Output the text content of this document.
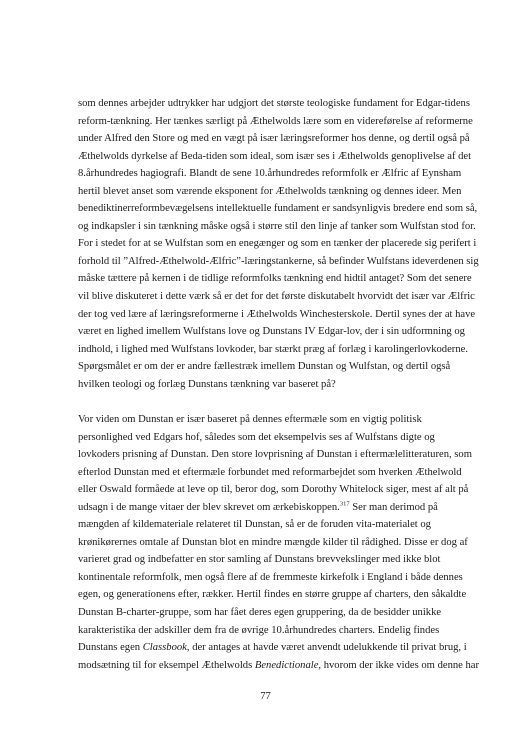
som dennes arbejder udtrykker har udgjort det største teologiske fundament for Edgar-tidens
reform-tænkning. Her tænkes særligt på Æthelwolds lære som en videreførelse af reformerne
under Alfred den Store og med en vægt på især læringsreformer hos denne, og dertil også på
Æthelwolds dyrkelse af Beda-tiden som ideal, som især ses i Æthelwolds genoplivelse af det
8.århundredes hagiografi. Blandt de sene 10.århundredes reformfolk er Ælfric af Eynsham
hertil blevet anset som værende eksponent for Æthelwolds tænkning og dennes ideer. Men
benediktinerreformbevægelsens intellektuelle fundament er sandsynligvis bredere end som så,
og indkapsler i sin tænkning måske også i større stil den linje af tanker som Wulfstan stod for.
For i stedet for at se Wulfstan som en enegænger og som en tænker der placerede sig perifert i
forhold til ”Alfred-Æthelwold-Ælfric”-læringstankerne, så befinder Wulfstans ideverdenen sig
måske tættere på kernen i de tidlige reformfolks tænkning end hidtil antaget? Som det senere
vil blive diskuteret i dette værk så er det for det første diskutabelt hvorvidt det især var Ælfric
der tog ved lære af læringsreformerne i Æthelwolds Winchesterskole. Dertil synes der at have
været en lighed imellem Wulfstans love og Dunstans IV Edgar-lov, der i sin udformning og
indhold, i lighed med Wulfstans lovkoder, bar stærkt præg af forlæg i karolingerlovkoderne.
Spørgsmålet er om der er andre fællestræk imellem Dunstan og Wulfstan, og dertil også
hvilken teologi og forlæg Dunstans tænkning var baseret på?
Vor viden om Dunstan er især baseret på dennes eftermæle som en vigtig politisk
personlighed ved Edgars hof, således som det eksempelvis ses af Wulfstans digte og
lovkoders prisning af Dunstan. Den store lovprisning af Dunstan i eftermælelitteraturen, som
efterlod Dunstan med et eftermæle forbundet med reformarbejdet som hverken Æthelwold
eller Oswald formåede at leve op til, beror dog, som Dorothy Whitelock siger, mest af alt på
udsagn i de mange vitaer der blev skrevet om ærkebiskoppen.$^{317}$ Ser man derimod på
mængden af kildemateriale relateret til Dunstan, så er de foruden vita-materialet og
krønikørernes omtale af Dunstan blot en mindre mængde kilder til rådighed. Disse er dog af
varieret grad og indbefatter en stor samling af Dunstans brevvekslinger med ikke blot
kontinentale reformfolk, men også flere af de fremmeste kirkefolk i England i både dennes
egen, og generationens efter, rækker. Hertil findes en større gruppe af charters, den såkaldte
Dunstan B-charter-gruppe, som har fået deres egen gruppering, da de besidder unikke
karakteristika der adskiller dem fra de øvrige 10.århundredes charters. Endelig findes
Dunstans egen Classbook, der antages at havde været anvendt udelukkende til privat brug, i
modsætning til for eksempel Æthelwolds Benedictionale, hvorom der ikke vides om denne har
77
